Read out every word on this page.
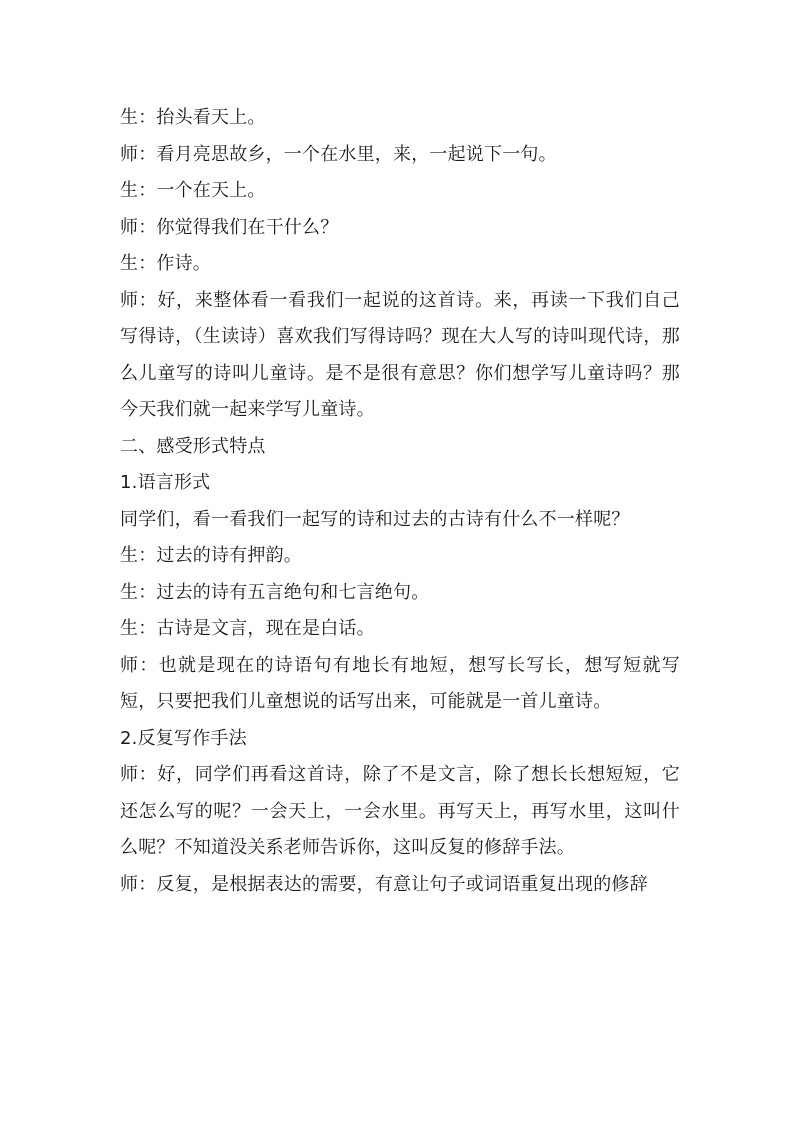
生：抬头看天上。

师：看月亮思故乡，一个在水里，来，一起说下一句。

生：一个在天上。

师：你觉得我们在干什么？

生：作诗。

师：好，来整体看一看我们一起说的这首诗。来，再读一下我们自己写得诗，（生读诗）喜欢我们写得诗吗？现在大人写的诗叫现代诗，那么儿童写的诗叫儿童诗。是不是很有意思？你们想学写儿童诗吗？那今天我们就一起来学写儿童诗。

二、感受形式特点

1.语言形式

同学们，看一看我们一起写的诗和过去的古诗有什么不一样呢？

生：过去的诗有押韵。

生：过去的诗有五言绝句和七言绝句。

生：古诗是文言，现在是白话。

师：也就是现在的诗语句有地长有地短，想写长写长，想写短就写短，只要把我们儿童想说的话写出来，可能就是一首儿童诗。

2.反复写作手法

师：好，同学们再看这首诗，除了不是文言，除了想长长想短短，它还怎么写的呢？一会天上，一会水里。再写天上，再写水里，这叫什么呢？不知道没关系老师告诉你，这叫反复的修辞手法。

师：反复，是根据表达的需要，有意让句子或词语重复出现的修辞
